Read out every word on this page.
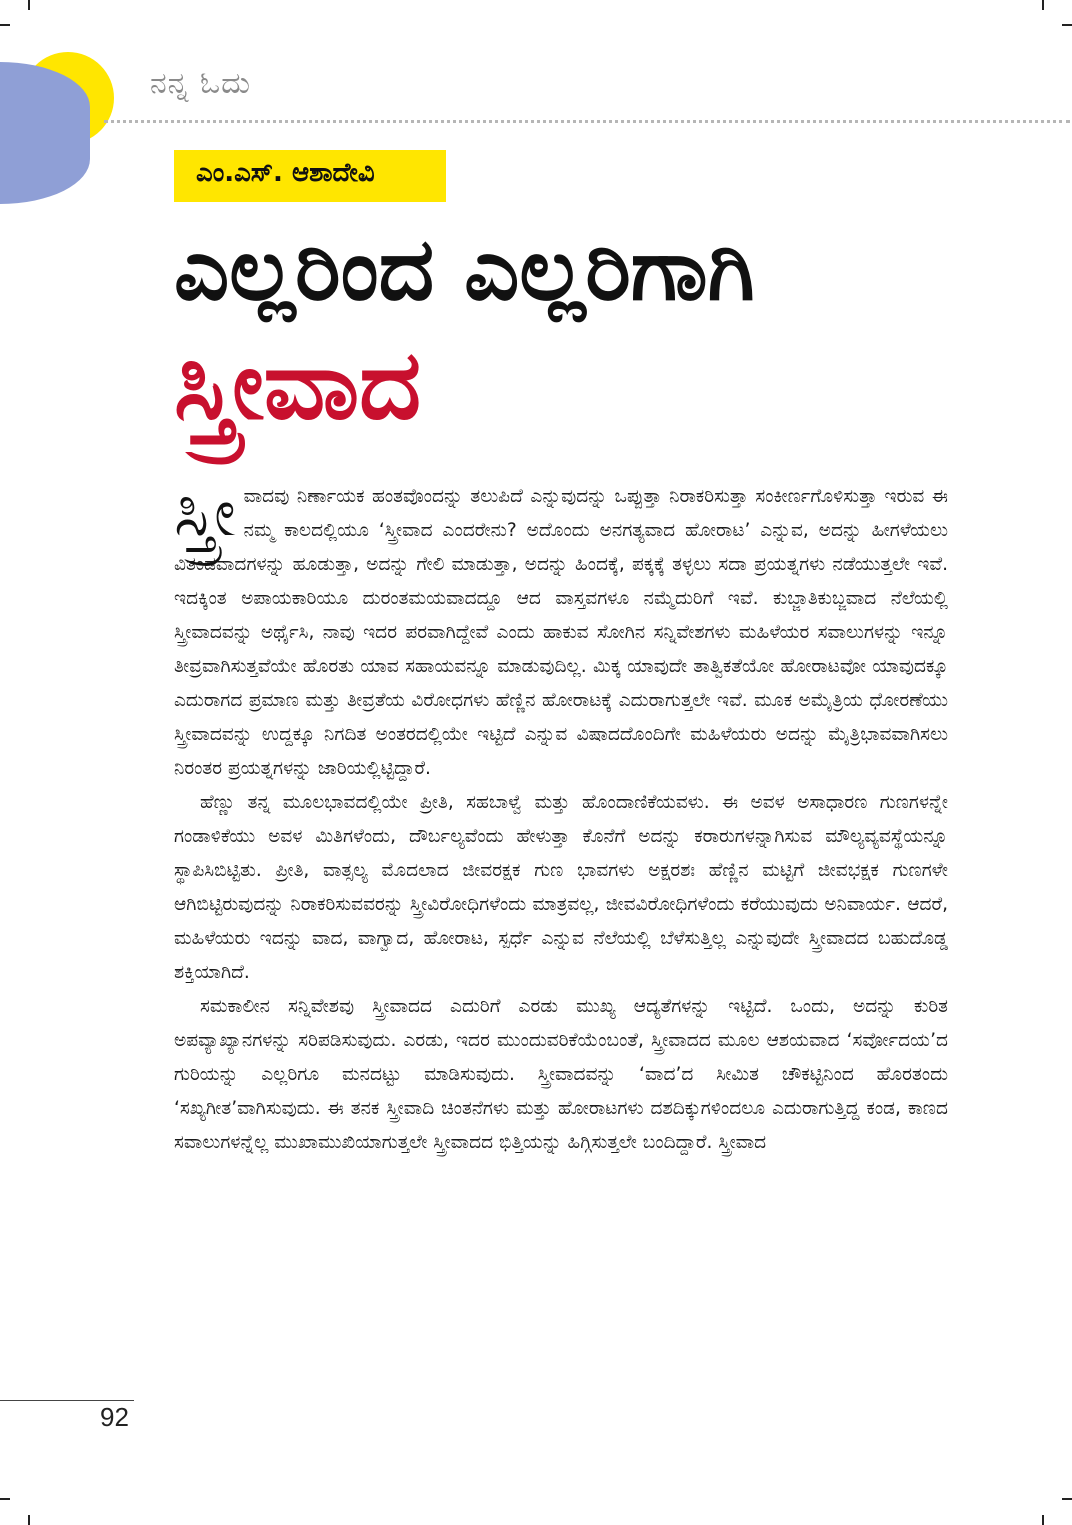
ನನ್ನ ಓದು
ಎಂ.ಎಸ್. ಆಶಾದೇವಿ
ಎಲ್ಲರಿಂದ ಎಲ್ಲರಿಗಾಗಿ
ಸ್ತ್ರೀವಾದ

ಸ್ತ್ರೀ ವಾದವು ನಿರ್ಣಾಯಕ ಹಂತವೊಂದನ್ನು ತಲುಪಿದೆ ಎನ್ನುವುದನ್ನು ಒಪ್ಪುತ್ತಾ ನಿರಾಕರಿಸುತ್ತಾ ಸಂಕೀರ್ಣಗೊಳಿಸುತ್ತಾ ಇರುವ ಈ ನಮ್ಮ ಕಾಲದಲ್ಲಿಯೂ ‘ಸ್ತ್ರೀವಾದ ಎಂದರೇನು? ಅದೊಂದು ಅನಗತ್ಯವಾದ ಹೋರಾಟ’ ಎನ್ನುವ, ಅದನ್ನು ಹೀಗಳೆಯಲು ವಿತಂಡವಾದಗಳನ್ನು ಹೂಡುತ್ತಾ, ಅದನ್ನು ಗೇಲಿ ಮಾಡುತ್ತಾ, ಅದನ್ನು ಹಿಂದಕ್ಕೆ, ಪಕ್ಕಕ್ಕೆ ತಳ್ಳಲು ಸದಾ ಪ್ರಯತ್ನಗಳು ನಡೆಯುತ್ತಲೇ ಇವೆ. ಇದಕ್ಕಿಂತ ಅಪಾಯಕಾರಿಯೂ ದುರಂತಮಯವಾದದ್ದೂ ಆದ ವಾಸ್ತವಗಳೂ ನಮ್ಮೆದುರಿಗೆ ಇವೆ. ಕುಬ್ಜಾತಿಕುಬ್ಜವಾದ ನೆಲೆಯಲ್ಲಿ ಸ್ತ್ರೀವಾದವನ್ನು ಅರ್ಥೈಸಿ, ನಾವು ಇದರ ಪರವಾಗಿದ್ದೇವೆ ಎಂದು ಹಾಕುವ ಸೋಗಿನ ಸನ್ನಿವೇಶಗಳು ಮಹಿಳೆಯರ ಸವಾಲುಗಳನ್ನು ಇನ್ನೂ ತೀವ್ರವಾಗಿಸುತ್ತವೆಯೇ ಹೊರತು ಯಾವ ಸಹಾಯವನ್ನೂ ಮಾಡುವುದಿಲ್ಲ. ಮಿಕ್ಕ ಯಾವುದೇ ತಾತ್ವಿಕತೆಯೋ ಹೋರಾಟವೋ ಯಾವುದಕ್ಕೂ ಎದುರಾಗದ ಪ್ರಮಾಣ ಮತ್ತು ತೀವ್ರತೆಯ ವಿರೋಧಗಳು ಹೆಣ್ಣಿನ ಹೋರಾಟಕ್ಕೆ ಎದುರಾಗುತ್ತಲೇ ಇವೆ. ಮೂಕ ಅಮೈತ್ರಿಯ ಧೋರಣೆಯು ಸ್ತ್ರೀವಾದವನ್ನು ಉದ್ದಕ್ಕೂ ನಿಗದಿತ ಅಂತರದಲ್ಲಿಯೇ ಇಟ್ಟಿದೆ ಎನ್ನುವ ವಿಷಾದದೊಂದಿಗೇ ಮಹಿಳೆಯರು ಅದನ್ನು ಮೈತ್ರಿಭಾವವಾಗಿಸಲು ನಿರಂತರ ಪ್ರಯತ್ನಗಳನ್ನು ಜಾರಿಯಲ್ಲಿಟ್ಟಿದ್ದಾರೆ.

ಹೆಣ್ಣು ತನ್ನ ಮೂಲಭಾವದಲ್ಲಿಯೇ ಪ್ರೀತಿ, ಸಹಬಾಳ್ವೆ ಮತ್ತು ಹೊಂದಾಣಿಕೆಯವಳು. ಈ ಅವಳ ಅಸಾಧಾರಣ ಗುಣಗಳನ್ನೇ ಗಂಡಾಳಿಕೆಯು ಅವಳ ಮಿತಿಗಳೆಂದು, ದೌರ್ಬಲ್ಯವೆಂದು ಹೇಳುತ್ತಾ ಕೊನೆಗೆ ಅದನ್ನು ಕರಾರುಗಳನ್ನಾಗಿಸುವ ಮೌಲ್ಯವ್ಯವಸ್ಥೆಯನ್ನೂ ಸ್ಥಾಪಿಸಿಬಿಟ್ಟಿತು. ಪ್ರೀತಿ, ವಾತ್ಸಲ್ಯ ಮೊದಲಾದ ಜೀವರಕ್ಷಕ ಗುಣ ಭಾವಗಳು ಅಕ್ಷರಶಃ ಹೆಣ್ಣಿನ ಮಟ್ಟಿಗೆ ಜೀವಭಕ್ಷಕ ಗುಣಗಳೇ ಆಗಿಬಿಟ್ಟಿರುವುದನ್ನು ನಿರಾಕರಿಸುವವರನ್ನು ಸ್ತ್ರೀವಿರೋಧಿಗಳೆಂದು ಮಾತ್ರವಲ್ಲ, ಜೀವವಿರೋಧಿಗಳೆಂದು ಕರೆಯುವುದು ಅನಿವಾರ್ಯ. ಆದರೆ, ಮಹಿಳೆಯರು ಇದನ್ನು ವಾದ, ವಾಗ್ವಾದ, ಹೋರಾಟ, ಸ್ಪರ್ಧೆ ಎನ್ನುವ ನೆಲೆಯಲ್ಲಿ ಬೆಳೆಸುತ್ತಿಲ್ಲ ಎನ್ನುವುದೇ ಸ್ತ್ರೀವಾದದ ಬಹುದೊಡ್ಡ ಶಕ್ತಿಯಾಗಿದೆ.

ಸಮಕಾಲೀನ ಸನ್ನಿವೇಶವು ಸ್ತ್ರೀವಾದದ ಎದುರಿಗೆ ಎರಡು ಮುಖ್ಯ ಆದ್ಯತೆಗಳನ್ನು ಇಟ್ಟಿದೆ. ಒಂದು, ಅದನ್ನು ಕುರಿತ ಅಪವ್ಯಾಖ್ಯಾನಗಳನ್ನು ಸರಿಪಡಿಸುವುದು. ಎರಡು, ಇದರ ಮುಂದುವರಿಕೆಯೆಂಬಂತೆ, ಸ್ತ್ರೀವಾದದ ಮೂಲ ಆಶಯವಾದ ‘ಸರ್ವೋದಯ’ದ ಗುರಿಯನ್ನು ಎಲ್ಲರಿಗೂ ಮನದಟ್ಟು ಮಾಡಿಸುವುದು. ಸ್ತ್ರೀವಾದವನ್ನು ‘ವಾದ’ದ ಸೀಮಿತ ಚೌಕಟ್ಟಿನಿಂದ ಹೊರತಂದು ‘ಸಖ್ಯಗೀತ’ವಾಗಿಸುವುದು. ಈ ತನಕ ಸ್ತ್ರೀವಾದಿ ಚಿಂತನೆಗಳು ಮತ್ತು ಹೋರಾಟಗಳು ದಶದಿಕ್ಕುಗಳಿಂದಲೂ ಎದುರಾಗುತ್ತಿದ್ದ ಕಂಡ, ಕಾಣದ ಸವಾಲುಗಳನ್ನೆಲ್ಲ ಮುಖಾಮುಖಿಯಾಗುತ್ತಲೇ ಸ್ತ್ರೀವಾದದ ಭಿತ್ತಿಯನ್ನು ಹಿಗ್ಗಿಸುತ್ತಲೇ ಬಂದಿದ್ದಾರೆ. ಸ್ತ್ರೀವಾದ

92
